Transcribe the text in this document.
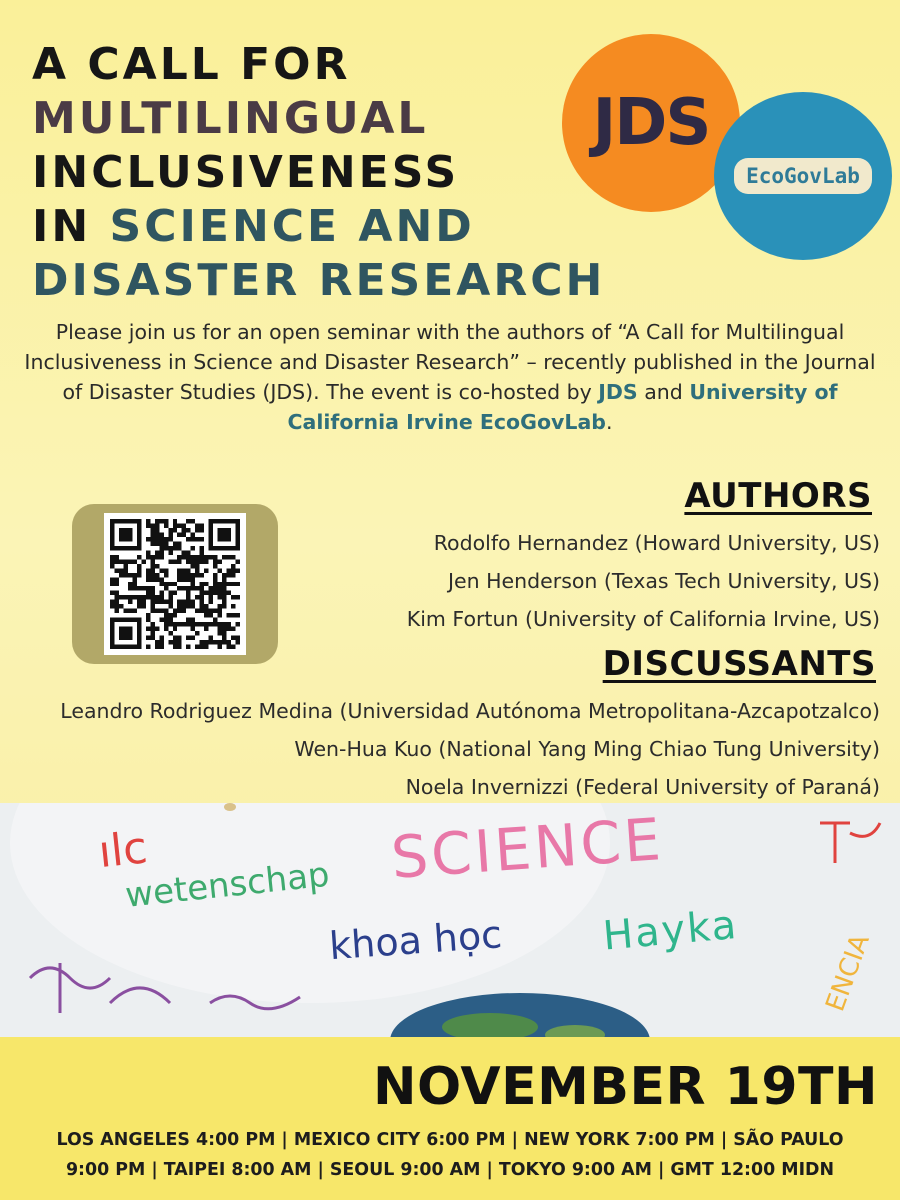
A CALL FOR
MULTILINGUAL
INCLUSIVENESS
IN SCIENCE AND
DISASTER RESEARCH
JDS
EcoGovLab

Please join us for an open seminar with the authors of “A Call for Multilingual Inclusiveness in Science and Disaster Research” – recently published in the Journal of Disaster Studies (JDS). The event is co-hosted by JDS and University of California Irvine EcoGovLab.

AUTHORS
Rodolfo Hernandez (Howard University, US)
Jen Henderson (Texas Tech University, US)
Kim Fortun (University of California Irvine, US)
DISCUSSANTS
Leandro Rodriguez Medina (Universidad Autónoma Metropolitana-Azcapotzalco)
Wen-Hua Kuo (National Yang Ming Chiao Tung University)
Noela Invernizzi (Federal University of Paraná)
SCIENCE
wetenschap
khoa học Hayka
ılc
ENCIA
NOVEMBER 19TH
LOS ANGELES 4:00 PM | MEXICO CITY 6:00 PM | NEW YORK 7:00 PM | SÃO PAULO
9:00 PM | TAIPEI 8:00 AM | SEOUL 9:00 AM | TOKYO 9:00 AM | GMT 12:00 MIDN
